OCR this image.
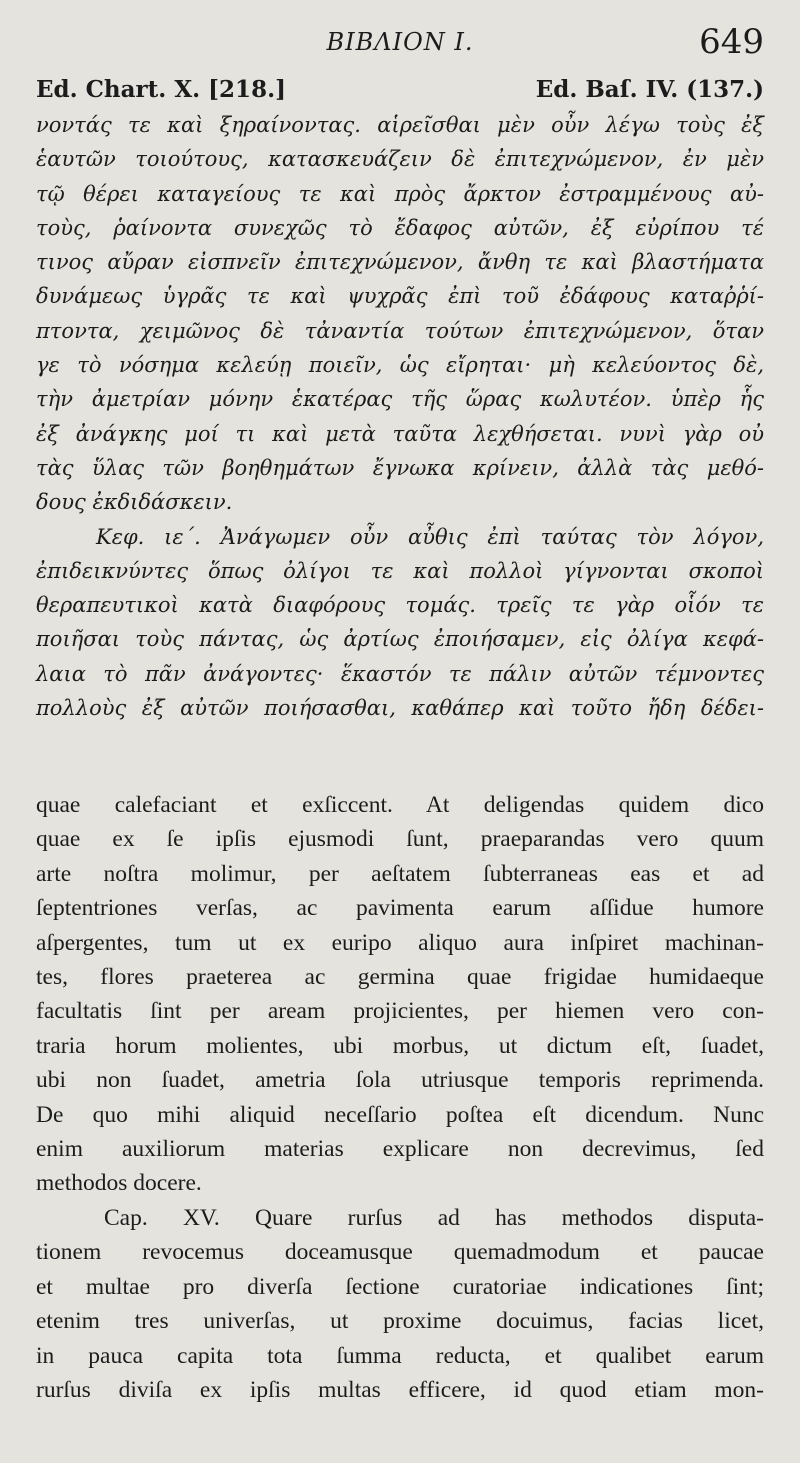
BIBΛΙΟΝ I.	649
Ed. Chart. X. [218.]	Ed. Baſ. IV. (137.)
νοντάς τε καὶ ξηραίνοντας. αἱρεῖσθαι μὲν οὖν λέγω τοὺς ἐξ
ἑαυτῶν τοιούτους, κατασκευάζειν δὲ ἐπιτεχνώμενον, ἐν μὲν
τῷ θέρει καταγείους τε καὶ πρὸς ἄρκτον ἐστραμμένους αὐ-
τοὺς, ῥαίνοντα συνεχῶς τὸ ἔδαφος αὐτῶν, ἐξ εὐρίπου τέ
τινος αὔραν εἰσπνεῖν ἐπιτεχνώμενον, ἄνθη τε καὶ βλαστήματα
δυνάμεως ὑγρᾶς τε καὶ ψυχρᾶς ἐπὶ τοῦ ἐδάφους καταῤῥί-
πτοντα, χειμῶνος δὲ τἀναντία τούτων ἐπιτεχνώμενον, ὅταν
γε τὸ νόσημα κελεύῃ ποιεῖν, ὡς εἴρηται· μὴ κελεύοντος δὲ,
τὴν ἀμετρίαν μόνην ἑκατέρας τῆς ὥρας κωλυτέον. ὑπὲρ ἧς
ἐξ ἀνάγκης μοί τι καὶ μετὰ ταῦτα λεχθήσεται. νυνὶ γὰρ οὐ
τὰς ὕλας τῶν βοηθημάτων ἔγνωκα κρίνειν, ἀλλὰ τὰς μεθό-
δους ἐκδιδάσκειν.
Κεφ. ιε΄. Ἀνάγωμεν οὖν αὖθις ἐπὶ ταύτας τὸν λόγον,
ἐπιδεικνύντες ὅπως ὀλίγοι τε καὶ πολλοὶ γίγνονται σκοποὶ
θεραπευτικοὶ κατὰ διαφόρους τομάς. τρεῖς τε γὰρ οἷόν τε
ποιῆσαι τοὺς πάντας, ὡς ἀρτίως ἐποιήσαμεν, εἰς ὀλίγα κεφά-
λαια τὸ πᾶν ἀνάγοντες· ἕκαστόν τε πάλιν αὐτῶν τέμνοντες
πολλοὺς ἐξ αὐτῶν ποιήσασθαι, καθάπερ καὶ τοῦτο ἤδη δέδει-
quae calefaciant et exſiccent. At deligendas quidem dico
quae ex ſe ipſis ejusmodi ſunt, praeparandas vero quum
arte noſtra molimur, per aeſtatem ſubterraneas eas et ad
ſeptentriones verſas, ac pavimenta earum aſſidue humore
aſpergentes, tum ut ex euripo aliquo aura inſpiret machinan-
tes, flores praeterea ac germina quae frigidae humidaeque
facultatis ſint per aream projicientes, per hiemen vero con-
traria horum molientes, ubi morbus, ut dictum eſt, ſuadet,
ubi non ſuadet, ametria ſola utriusque temporis reprimenda.
De quo mihi aliquid neceſſario poſtea eſt dicendum. Nunc
enim auxiliorum materias explicare non decrevimus, ſed
methodos docere.
Cap. XV. Quare rurſus ad has methodos disputa-
tionem revocemus doceamusque quemadmodum et paucae
et multae pro diverſa ſectione curatoriae indicationes ſint;
etenim tres univerſas, ut proxime docuimus, facias licet,
in pauca capita tota ſumma reducta, et qualibet earum
rurſus diviſa ex ipſis multas efficere, id quod etiam mon-
